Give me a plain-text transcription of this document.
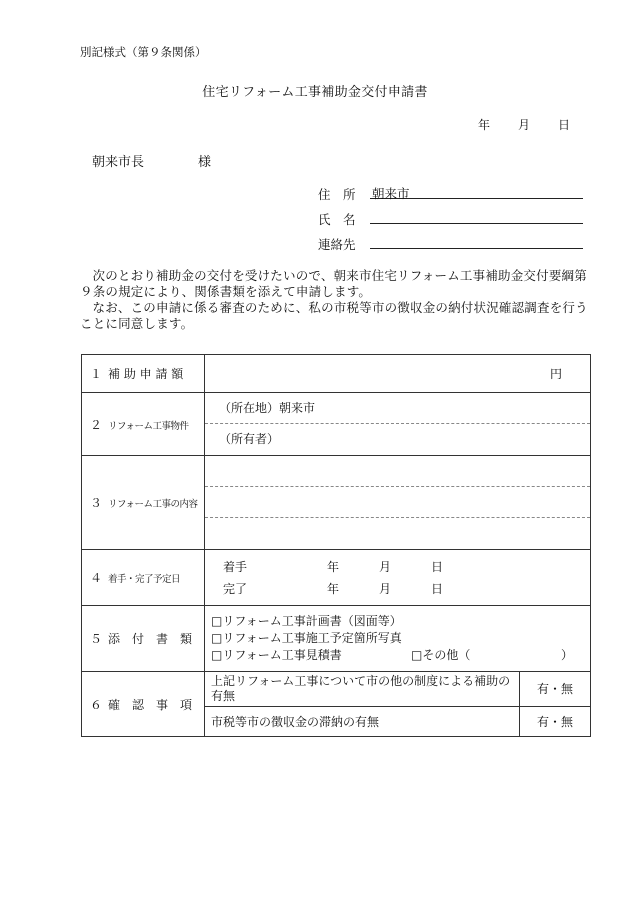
別記様式（第９条関係）
住宅リフォーム工事補助金交付申請書
年 月 日
朝来市長	様
住　所 朝来市
氏　名
連絡先

次のとおり補助金の交付を受けたいので、朝来市住宅リフォーム工事補助金交付要綱第９条の規定により、関係書類を添えて申請します。

なお、この申請に係る審査のために、私の市税等市の徴収金の納付状況確認調査を行うことに同意します。

１ 補 助 申 請 額	円
２ リフォーム工事物件	
（所在地）朝来市
（所有者）

３ リフォーム工事の内容	

４ 着手・完了予定日	
着手	年	月	日
完了	年	月	日

５ 添　付　書　類	
□リフォーム工事計画書（図面等）
□リフォーム工事施工予定箇所写真
□リフォーム工事見積書	□その他（	）

６ 確　認　事　項	
上記リフォーム工事について市の他の制度による補助の有無	有・無
市税等市の徴収金の滞納の有無	有・無
